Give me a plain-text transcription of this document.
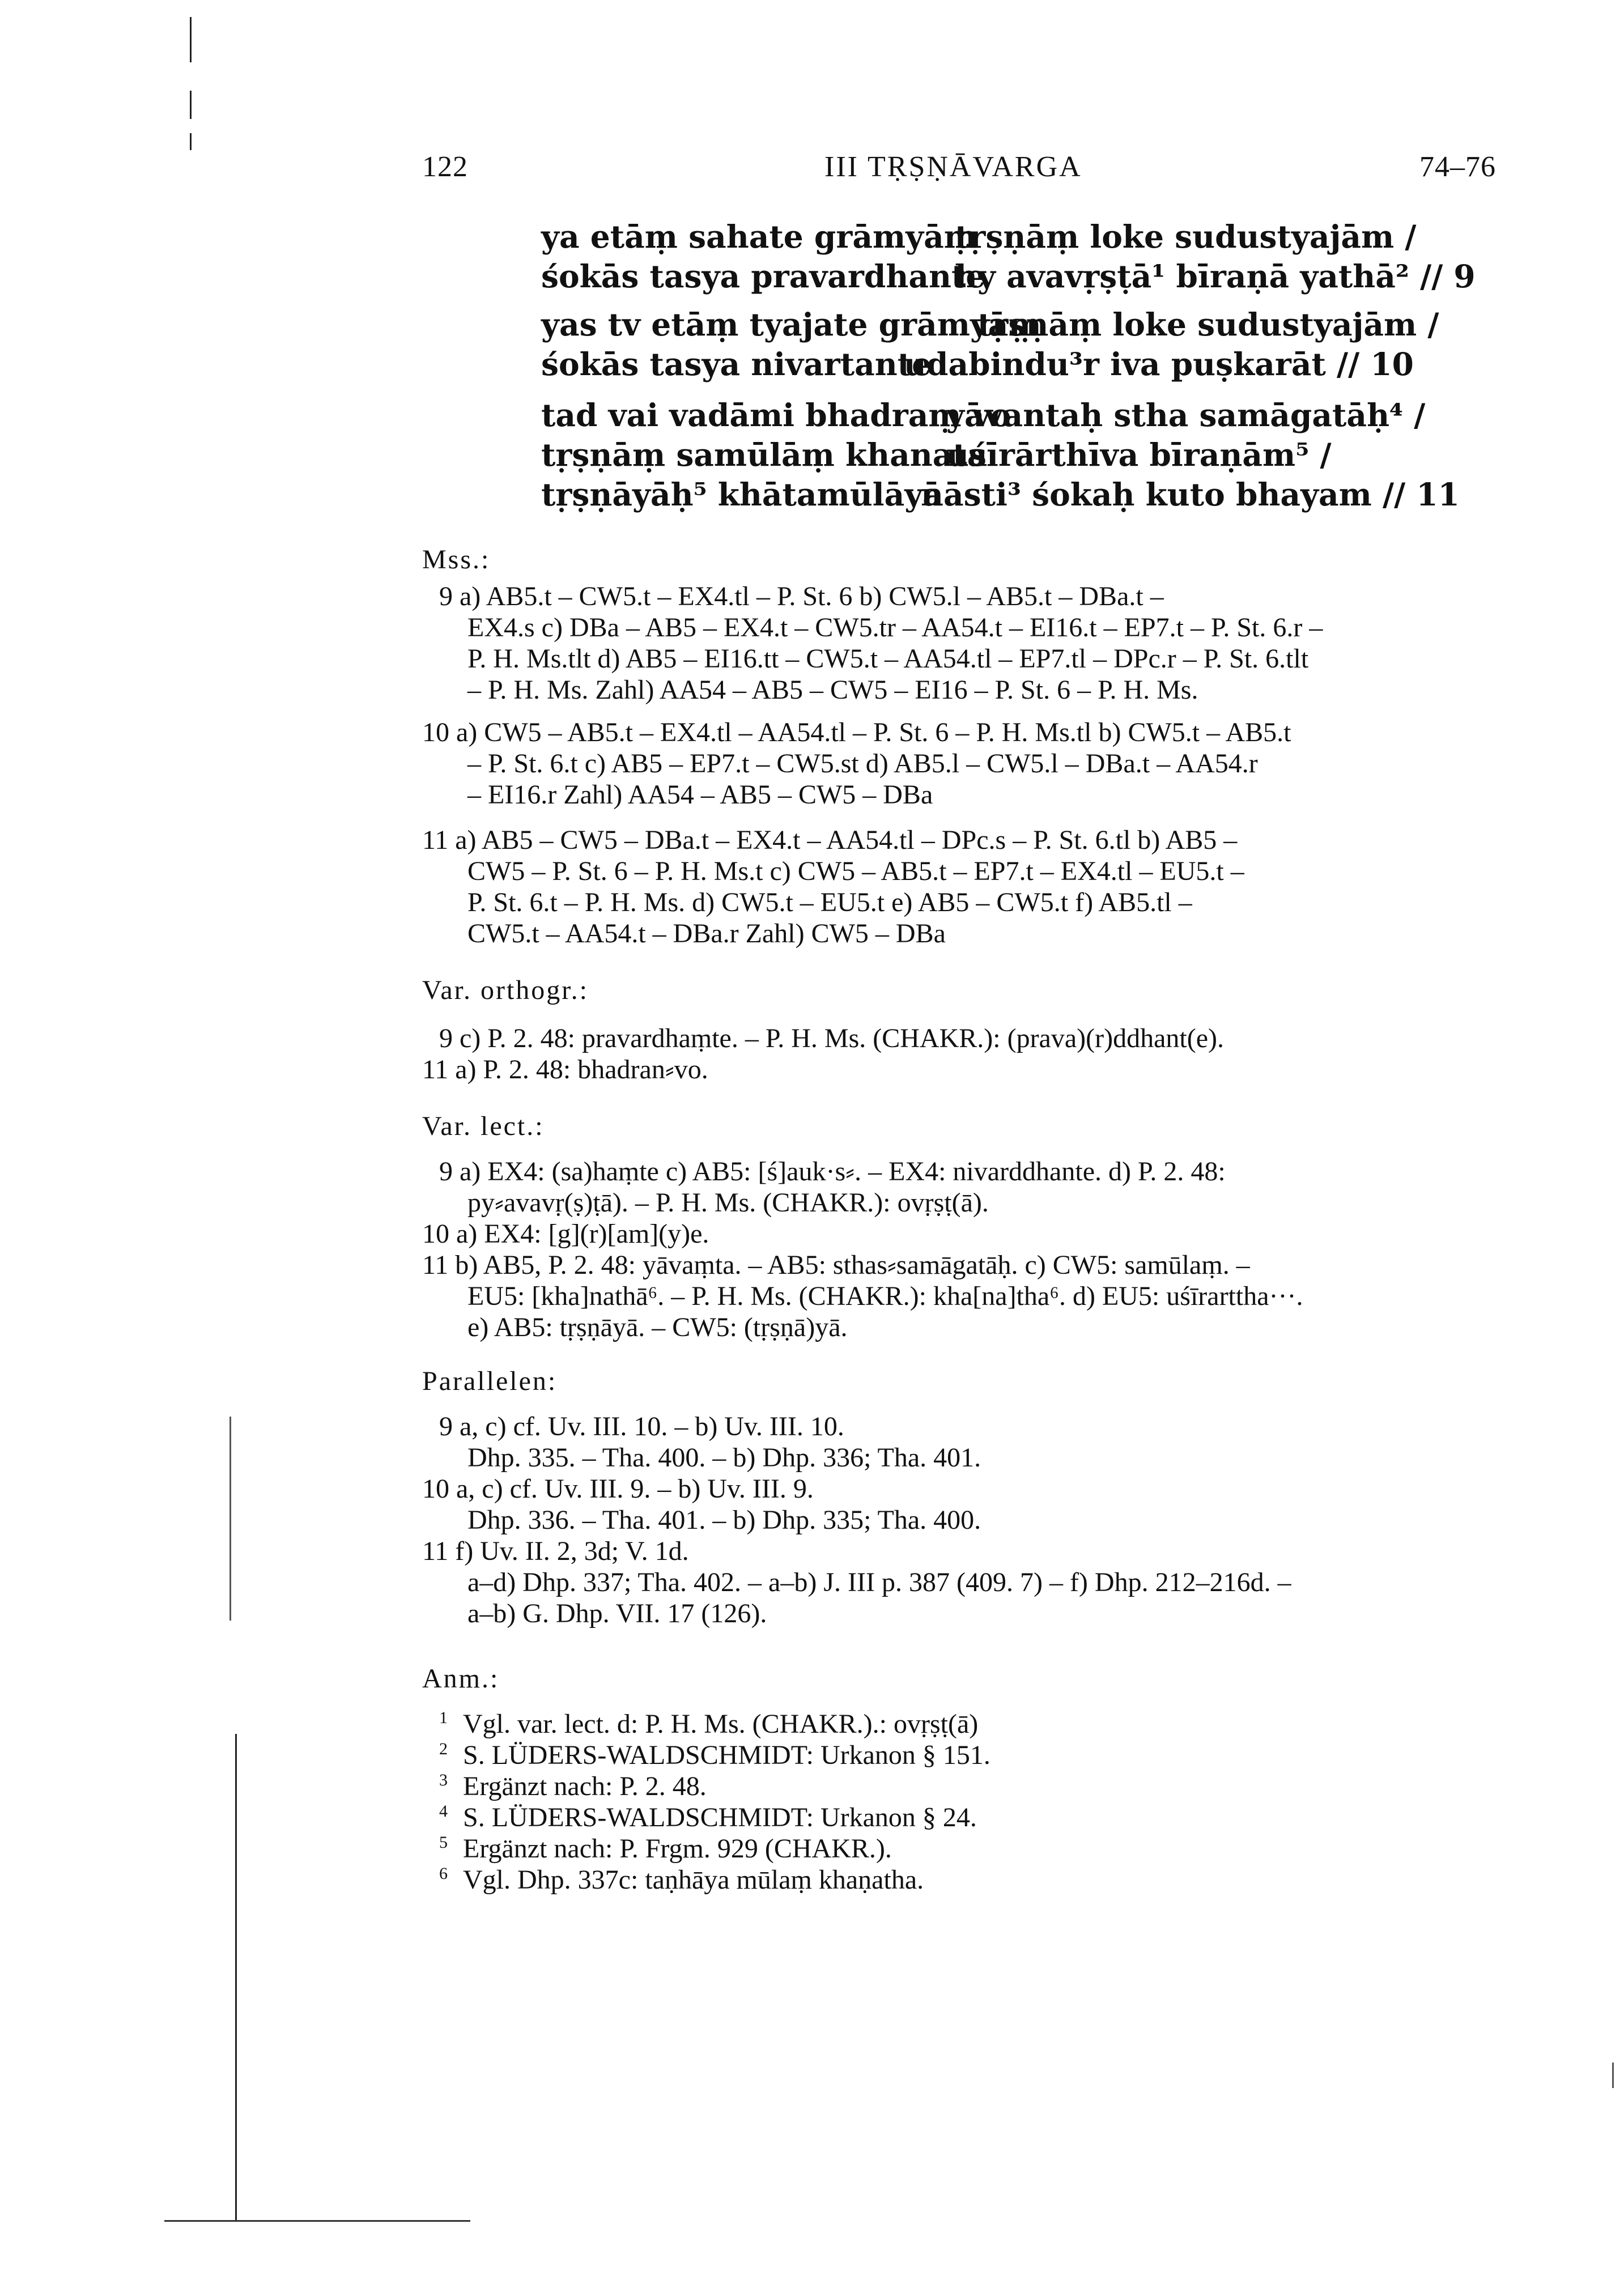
122	III TṚṢṆĀVARGA	74–76
ya etāṃ sahate grāmyāṃ
tṛṣṇāṃ loke sudustyajām /
śokās tasya pravardhante
hy avavṛṣṭā¹ bīraṇā yathā² // 9
yas tv etāṃ tyajate grāmyāṃ
tṛṣṇāṃ loke sudustyajām /
śokās tasya nivartante
udabindu³r iva puṣkarāt // 10
tad vai vadāmi bhadraṃ vo
yāvantaḥ stha samāgatāḥ⁴ /
tṛṣṇāṃ samūlāṃ khanata
uśīrārthīva bīraṇām⁵ /
tṛṣṇāyāḥ⁵ khātamūlāyā
nāsti³ śokaḥ kuto bhayam // 11
Mss.:
9 a) AB5.t – CW5.t – EX4.tl – P. St. 6 b) CW5.l – AB5.t – DBa.t –
EX4.s c) DBa – AB5 – EX4.t – CW5.tr – AA54.t – EI16.t – EP7.t – P. St. 6.r –
P. H. Ms.tlt d) AB5 – EI16.tt – CW5.t – AA54.tl – EP7.tl – DPc.r – P. St. 6.tlt
– P. H. Ms. Zahl) AA54 – AB5 – CW5 – EI16 – P. St. 6 – P. H. Ms.
10 a) CW5 – AB5.t – EX4.tl – AA54.tl – P. St. 6 – P. H. Ms.tl b) CW5.t – AB5.t
– P. St. 6.t c) AB5 – EP7.t – CW5.st d) AB5.l – CW5.l – DBa.t – AA54.r
– EI16.r Zahl) AA54 – AB5 – CW5 – DBa
11 a) AB5 – CW5 – DBa.t – EX4.t – AA54.tl – DPc.s – P. St. 6.tl b) AB5 –
CW5 – P. St. 6 – P. H. Ms.t c) CW5 – AB5.t – EP7.t – EX4.tl – EU5.t –
P. St. 6.t – P. H. Ms. d) CW5.t – EU5.t e) AB5 – CW5.t f) AB5.tl –
CW5.t – AA54.t – DBa.r Zahl) CW5 – DBa
Var. orthogr.:
9 c) P. 2. 48: pravardhaṃte. – P. H. Ms. (CHAKR.): (prava)(r)ddhant(e).
11 a) P. 2. 48: bhadran⸗vo.
Var. lect.:
9 a) EX4: (sa)haṃte c) AB5: [ś]auk·s⸗. – EX4: nivarddhante. d) P. 2. 48:
py⸗avavṛ(ṣ)ṭā). – P. H. Ms. (CHAKR.): ovṛṣṭ(ā).
10 a) EX4: [g](r)[am](y)e.
11 b) AB5, P. 2. 48: yāvaṃta. – AB5: sthas⸗samāgatāḥ. c) CW5: samūlaṃ. –
EU5: [kha]nathā⁶. – P. H. Ms. (CHAKR.): kha[na]tha⁶. d) EU5: uśīrarttha···.
e) AB5: tṛṣṇāyā. – CW5: (tṛṣṇā)yā.
Parallelen:
9 a, c) cf. Uv. III. 10. – b) Uv. III. 10.
Dhp. 335. – Tha. 400. – b) Dhp. 336; Tha. 401.
10 a, c) cf. Uv. III. 9. – b) Uv. III. 9.
Dhp. 336. – Tha. 401. – b) Dhp. 335; Tha. 400.
11 f) Uv. II. 2, 3d; V. 1d.
a–d) Dhp. 337; Tha. 402. – a–b) J. III p. 387 (409. 7) – f) Dhp. 212–216d. –
a–b) G. Dhp. VII. 17 (126).
Anm.:
1 Vgl. var. lect. d: P. H. Ms. (CHAKR.).: ovṛṣṭ(ā)
2 S. LÜDERS-WALDSCHMIDT: Urkanon § 151.
3 Ergänzt nach: P. 2. 48.
4 S. LÜDERS-WALDSCHMIDT: Urkanon § 24.
5 Ergänzt nach: P. Frgm. 929 (CHAKR.).
6 Vgl. Dhp. 337c: taṇhāya mūlaṃ khaṇatha.
